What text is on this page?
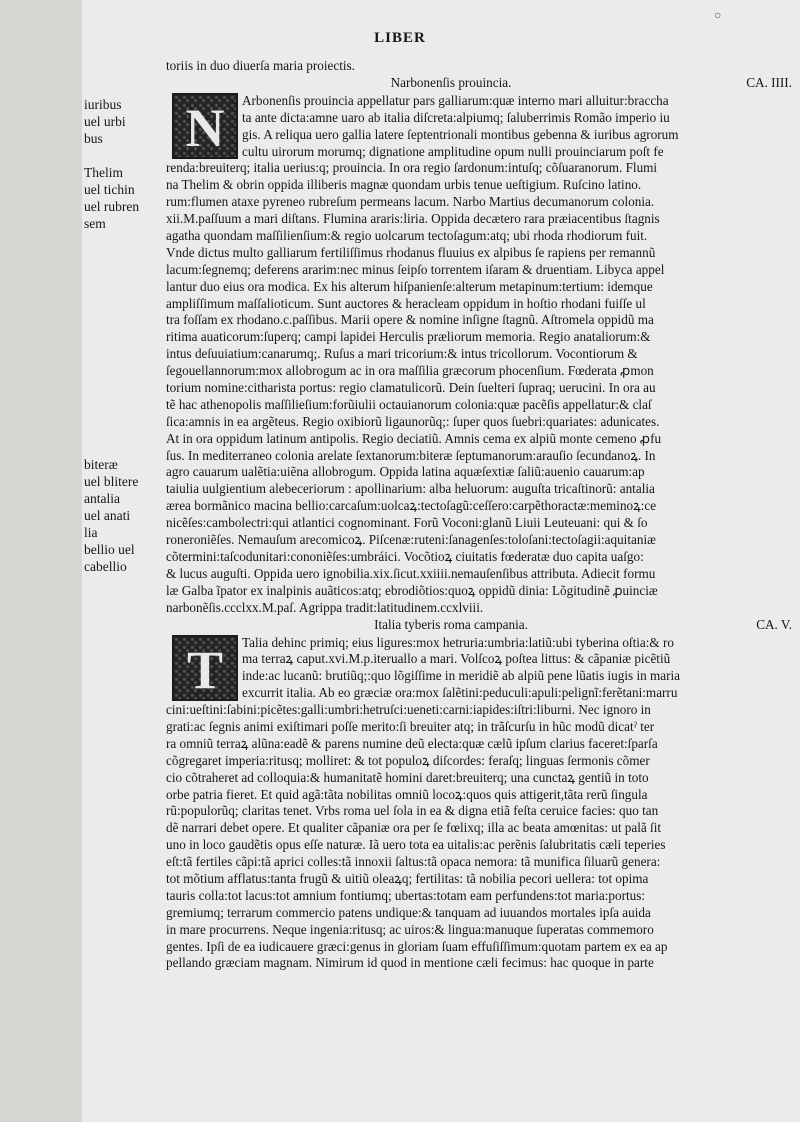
○
LIBER
iuribus
uel urbi
bus
Thelim
uel tichin
uel rubren
sem
biteræ
uel blitere
antalia
uel anati
lia
bellio uel
cabellio
toriis in duo diuerſa maria proiectis.
Narbonenſis prouincia.	CA. IIII.
N	Arbonenſis prouincia appellatur pars galliarum:quæ interno mari alluitur:braccha
ta ante dicta:amne uaro ab italia diſcreta:alpiumq; ſaluberrimis Romão imperio iu
gis. A reliqua uero gallia latere ſeptentrionali montibus gebenna & iuribus agrorum
cultu uirorum morumq; dignatione amplitudine opum nulli prouinciarum poſt fe
renda:breuiterq; italia uerius:q; prouincia. In ora regio ſardonum:intuſq; cõſuaranorum. Flumi
na Thelim & obrin oppida illiberis magnæ quondam urbis tenue ueſtigium. Ruſcino latino.
rum:flumen ataxe pyreneo rubreſum permeans lacum. Narbo Martius decumanorum colonia.
xii.M.paſſuum a mari diſtans. Flumina araris:liria. Oppida decætero rara præiacentibus ſtagnis
agatha quondam maſſilienſium:& regio uolcarum tectoſagum:atq; ubi rhoda rhodiorum fuit.
Vnde dictus multo galliarum fertiliſſimus rhodanus fluuius ex alpibus ſe rapiens per remannũ
lacum:ſegnemq; deferens ararim:nec minus ſeipſo torrentem iſaram & druentiam. Libyca appel
lantur duo eius ora modica. Ex his alterum hiſpanienſe:alterum metapinum:tertium: idemque
ampliſſimum maſſalioticum. Sunt auctores & heracleam oppidum in hoſtio rhodani fuiſſe ul
tra foſſam ex rhodano.c.paſſibus. Marii opere & nomine inſigne ſtagnũ. Aſtromela oppidũ ma
ritima auaticorum:ſuperq; campi lapidei Herculis præliorum memoria. Regio anataliorum:&
intus deſuuiatium:canarumq;. Ruſus a mari tricorium:& intus tricollorum. Vocontiorum &
ſegouellannorum:mox allobrogum ac in ora maſſilia græcorum phocenſium. Fœderata ꝓmon
torium nomine:citharista portus: regio clamatulicorũ. Dein ſuelteri ſupraq; uerucini. In ora au
tẽ hac athenopolis maſſilieſium:forũiulii octauianorum colonia:quæ pacẽſis appellatur:& claſ
ſica:amnis in ea argẽteus. Regio oxibiorũ ligaunorũq;: ſuper quos ſuebri:quariates: adunicates.
At in ora oppidum latinum antipolis. Regio deciatiũ. Amnis cema ex alpiũ monte cemeno ꝓfu
ſus. In mediterraneo colonia arelate ſextanorum:biteræ ſeptumanorum:arauſio ſecundanoꝝ. In
agro cauarum ualẽtia:uiẽna allobrogum. Oppida latina aquæſextiæ ſaliũ:auenio cauarum:ap
taiulia uulgientium alebeceriorum : apollinarium: alba heluorum: auguſta tricaſtinorũ: antalia
ærea bormãnico macina bellio:carcaſum:uolcaꝝ:tectoſagũ:ceſſero:carpẽthoractæ:meminoꝝ:ce
nicẽſes:cambolectri:qui atlantici cognominant. Forũ Voconi:glanũ Liuii Leuteuani: qui & ſo
roneroniẽſes. Nemauſum arecomicoꝝ. Piſcenæ:ruteni:ſanagenſes:toloſani:tectoſagii:aquitaniæ
cõtermini:taſcodunitari:cononiẽſes:umbráici. Vocõtioꝝ ciuitatis fœderatæ duo capita uaſgo:
& lucus auguſti. Oppida uero ignobilia.xix.ſicut.xxiiii.nemauſenſibus attributa. Adiecit formu
læ Galba ĩpator ex inalpinis auãticos:atq; ebrodiõtios:quoꝝ oppidũ dinia: Lõgitudinẽ ꝓuinciæ
narbonẽſis.ccclxx.M.paſ. Agrippa tradit:latitudinem.ccxlviii.
Italia tyberis roma campania.	CA. V.
T	Talia dehinc primiq; eius ligures:mox hetruria:umbria:latiũ:ubi tyberina oſtia:& ro
ma terraꝝ caput.xvi.M.p.iteruallo a mari. Volſcoꝝ poſtea littus: & cãpaniæ picẽtiũ
inde:ac lucanũ: brutiũq;:quo lõgiſſime in meridiẽ ab alpiũ pene lũatis iugis in maria
excurrit italia. Ab eo græciæ ora:mox ſalẽtini:peduculi:apuli:pelignĩ:ferẽtani:marru
cini:ueſtini:ſabini:picẽtes:galli:umbri:hetruſci:ueneti:carni:iapides:iſtri:liburni. Nec ignoro in
grati:ac ſegnis animi exiſtimari poſſe merito:ſi breuiter atq; in trãſcurſu in hũc modũ dicatˀ ter
ra omniũ terraꝝ alũna:eadẽ & parens numine deũ electa:quæ cælũ ipſum clarius faceret:ſparſa
cõgregaret imperia:ritusq; molliret: & tot populoꝝ diſcordes: feraſq; linguas ſermonis cõmer
cio cõtraheret ad colloquia:& humanitatẽ homini daret:breuiterq; una cunctaꝝ gentiũ in toto
orbe patria fieret. Et quid agã:tãta nobilitas omniũ locoꝝ:quos quis attigerit,tãta rerũ ſingula
rũ:populorũq; claritas tenet. Vrbs roma uel ſola in ea & digna etiã feſta ceruice facies: quo tan
dẽ narrari debet opere. Et qualiter cãpaniæ ora per ſe fœlixq; illa ac beata amœnitas: ut palã ſit
uno in loco gaudẽtis opus eſſe naturæ. Iã uero tota ea uitalis:ac perẽnis ſalubritatis cæli teperies
eſt:tã fertiles cãpi:tã aprici colles:tã innoxii ſaltus:tã opaca nemora: tã munifica ſiluarũ genera:
tot mõtium afflatus:tanta frugũ & uitiũ oleaꝝq; fertilitas: tã nobilia pecori uellera: tot opima
tauris colla:tot lacus:tot amnium fontiumq; ubertas:totam eam perfundens:tot maria:portus:
gremiumq; terrarum commercio patens undique:& tanquam ad iuuandos mortales ipſa auida
in mare procurrens. Neque ingenia:ritusq; ac uiros:& lingua:manuque ſuperatas commemoro
gentes. Ipſi de ea iudicauere græci:genus in gloriam ſuam effuſiſſimum:quotam partem ex ea ap
pellando græciam magnam. Nimirum id quod in mentione cæli fecimus: hac quoque in parte
